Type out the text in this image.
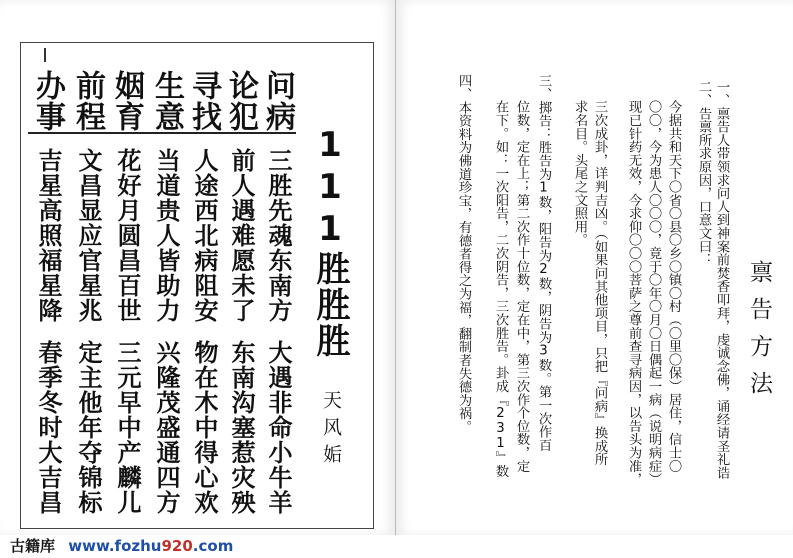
问病
论犯
寻找
生意
姻育
前程
办事
三胜先魂东南方
前人遇难愿未了
人途西北病阻安
当道贵人皆助力
花好月圆昌百世
文昌显应官星兆
吉星高照福星降
大遇非命小牛羊
东南沟塞惹灾殃
物在木中得心欢
兴隆茂盛通四方
三元早中产麟儿
定主他年夺锦标
春季冬时大吉昌
111胜胜胜
天风姤
禀告方法
一、禀告人带领求问人到神案前焚香叩拜，虔诚念佛，诵经请圣礼诰
二、告禀所求原因，口意文曰：
今据共和天下〇省〇县〇乡〇镇〇村（〇里〇保）居住，信士〇
〇〇，今为患人〇〇〇，竟于〇年〇月〇日偶起一病（说明病症）
现已针药无效，今求仰〇〇〇菩萨之尊前查寻病因，以告头为准，
三次成卦，详判吉凶。（如果问其他项目，只把『问病』换成所
求名目。头尾之文照用。
三、掷告：胜告为1数，阳告为2数，阴告为3数。第一次作百
位数，定在上；第二次作十位数，定在中，第三次作个位数，定
在下。如：一次阳告，二次阴告，三次胜告。卦成『231』数
四、本资料为佛道珍宝，有德者得之为福，翻制者失德为祸。
古籍库 www.fozhu920.com
